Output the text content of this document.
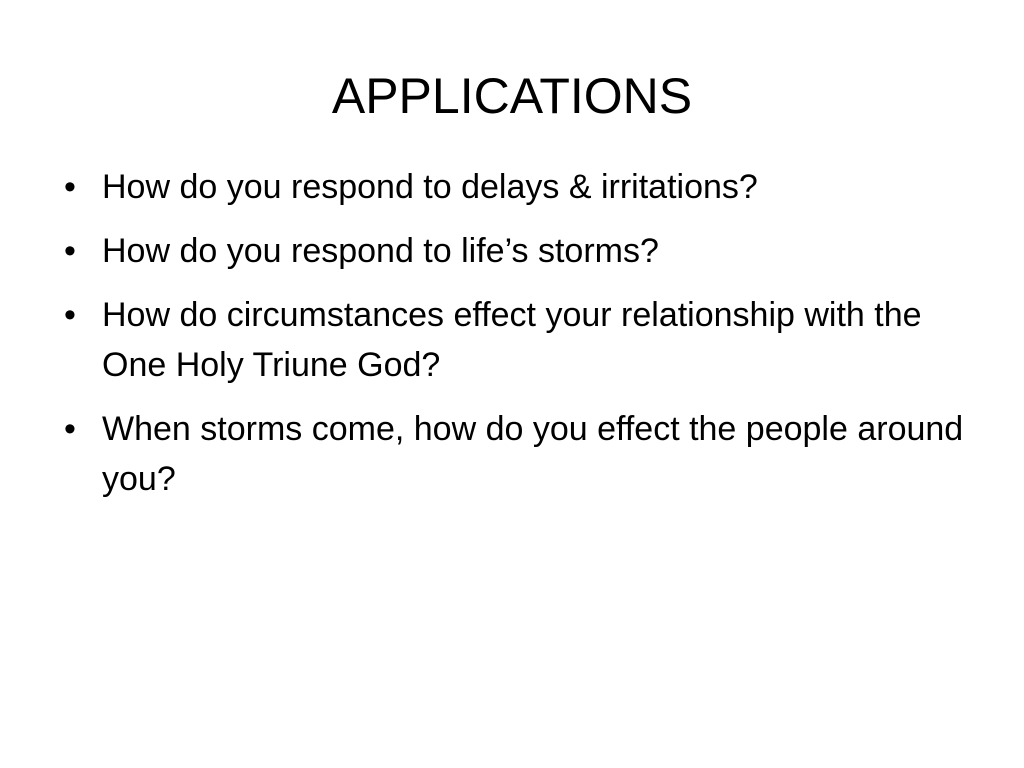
APPLICATIONS
• How do you respond to delays & irritations?
• How do you respond to life’s storms?
• How do circumstances effect your relationship with the One Holy Triune God?
• When storms come, how do you effect the people around you?
